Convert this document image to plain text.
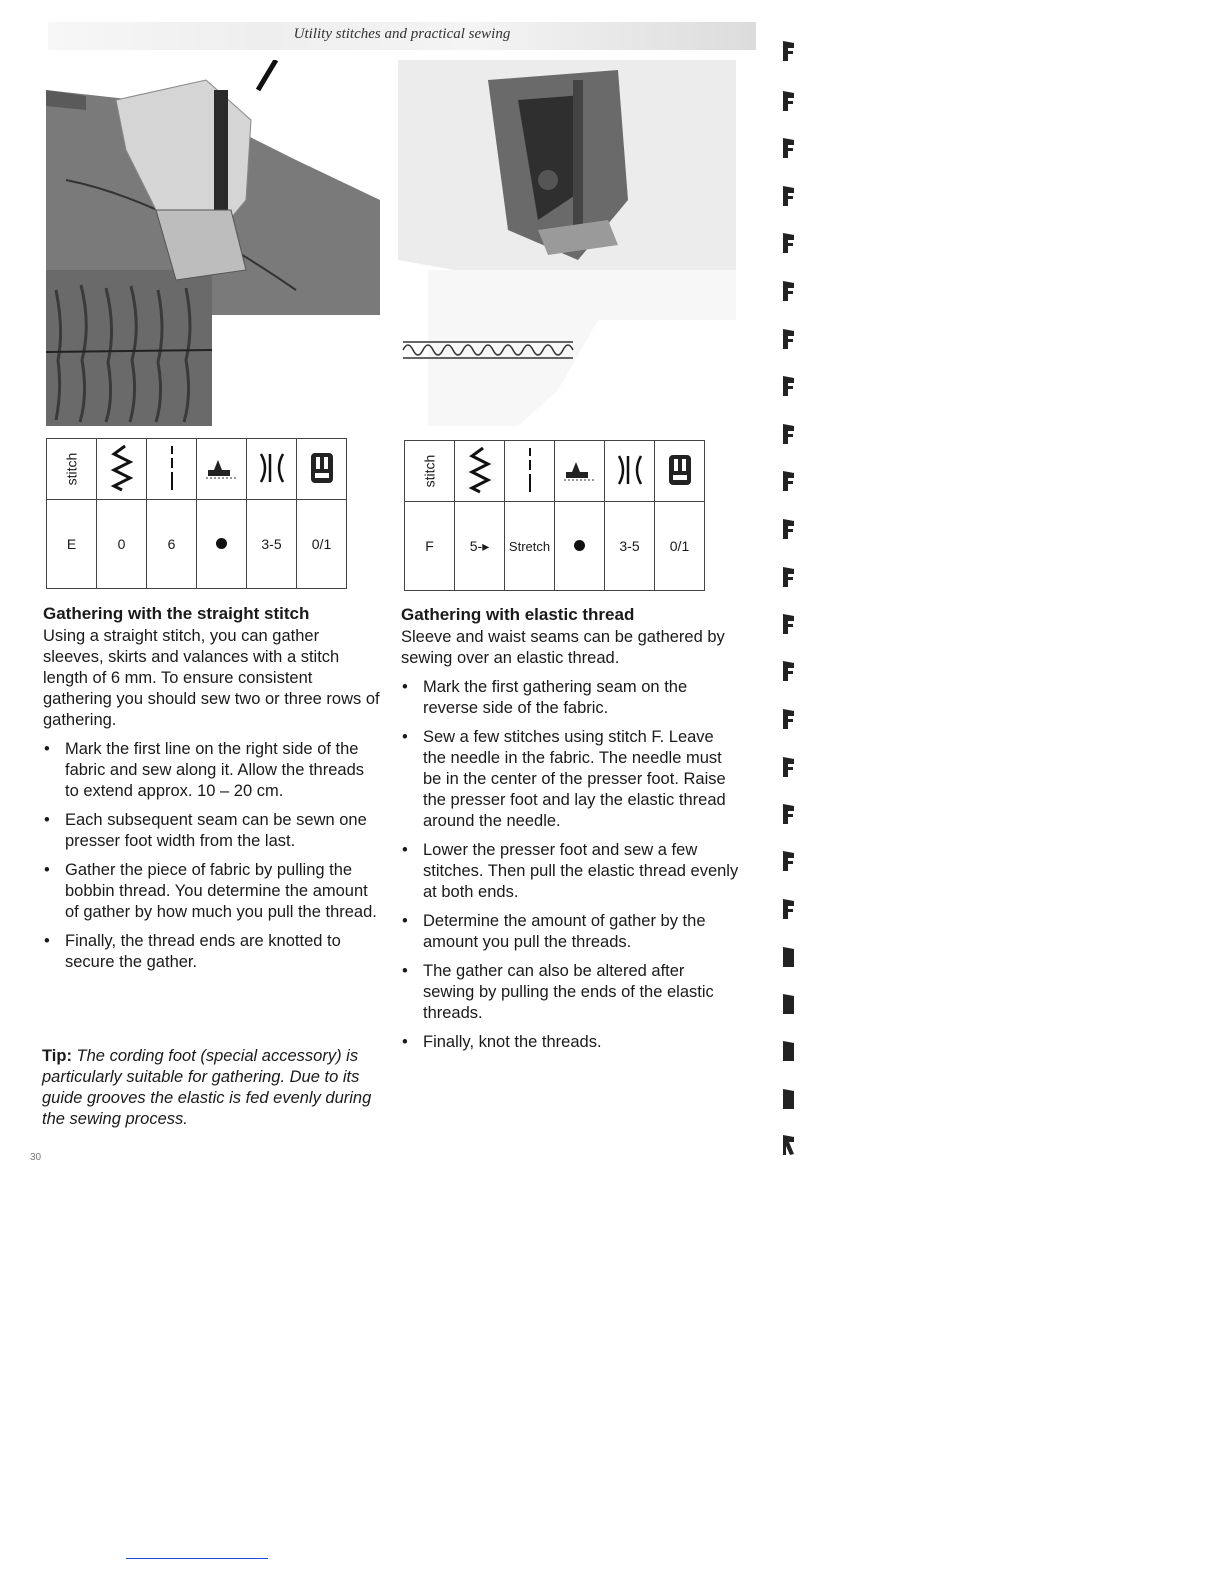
Utility stitches and practical sewing
stitch					
E	0	6		3-5	0/1
stitch					
F	5-▸	Stretch		3-5	0/1
Gathering with the straight stitch

Using a straight stitch, you can gather sleeves, skirts and valances with a stitch length of 6 mm. To ensure consistent gathering you should sew two or three rows of gathering.

• Mark the first line on the right side of the fabric and sew along it. Allow the threads to extend approx. 10 – 20 cm.
• Each subsequent seam can be sewn one presser foot width from the last.
• Gather the piece of fabric by pulling the bobbin thread. You determine the amount of gather by how much you pull the thread.
• Finally, the thread ends are knotted to secure the gather.
Tip: The cording foot (special accessory) is particularly suitable for gathering. Due to its guide grooves the elastic is fed evenly during the sewing process.
Gathering with elastic thread

Sleeve and waist seams can be gathered by sewing over an elastic thread.

• Mark the first gathering seam on the reverse side of the fabric.
• Sew a few stitches using stitch F. Leave the needle in the fabric. The needle must be in the center of the presser foot. Raise the presser foot and lay the elastic thread around the needle.
• Lower the presser foot and sew a few stitches. Then pull the elastic thread evenly at both ends.
• Determine the amount of gather by the amount you pull the threads.
• The gather can also be altered after sewing by pulling the ends of the elastic threads.
• Finally, knot the threads.
30
